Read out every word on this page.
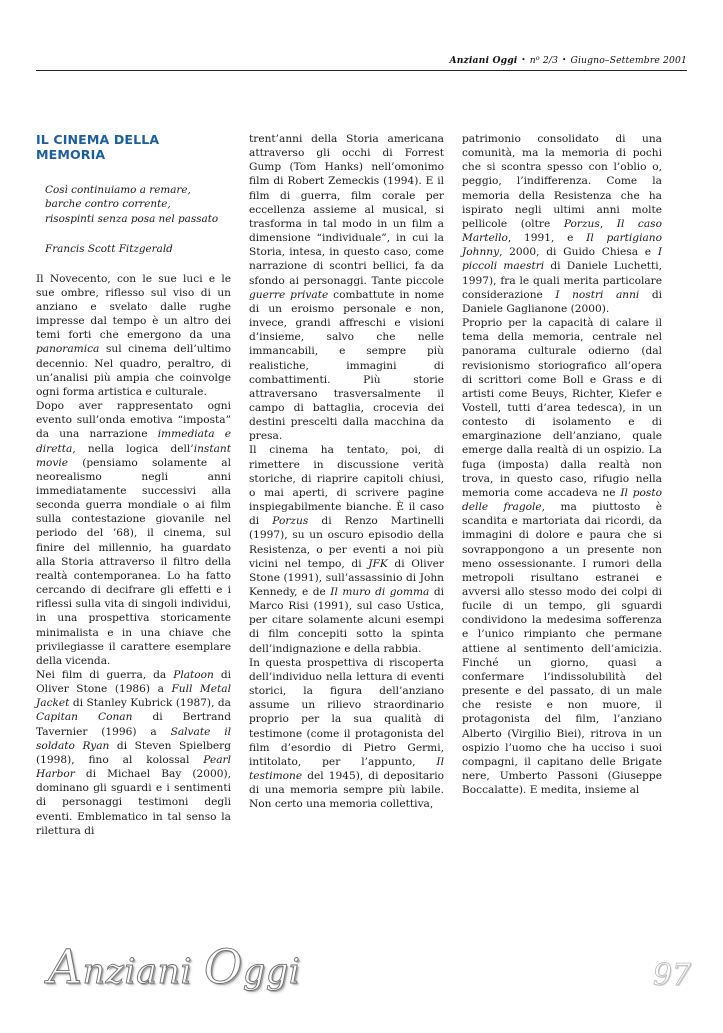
Anziani Oggi • $n^o$ 2/3 • Giugno–Settembre 2001
IL CINEMA DELLA MEMORIA
Così continuiamo a remare,
barche contro corrente,
risospinti senza posa nel passato
Francis Scott Fitzgerald

Il Novecento, con le sue luci e le sue ombre, riflesso sul viso di un anziano e svelato dalle rughe impresse dal tempo è un altro dei temi forti che emergono da una panoramica sul cinema dell’ultimo decennio. Nel quadro, peraltro, di un’analisi più ampia che coinvolge ogni forma artistica e culturale.

Dopo aver rappresentato ogni evento sull’onda emotiva “imposta” da una narrazione immediata e diretta, nella logica dell’instant movie (pensiamo solamente al neorealismo negli anni immediatamente successivi alla seconda guerra mondiale o ai film sulla contestazione giovanile nel periodo del ’68), il cinema, sul finire del millennio, ha guardato alla Storia attraverso il filtro della realtà contemporanea. Lo ha fatto cercando di decifrare gli effetti e i riflessi sulla vita di singoli individui, in una prospettiva storicamente minimalista e in una chiave che privilegiasse il carattere esemplare della vicenda.

Nei film di guerra, da Platoon di Oliver Stone (1986) a Full Metal Jacket di Stanley Kubrick (1987), da Capitan Conan di Bertrand Tavernier (1996) a Salvate il soldato Ryan di Steven Spielberg (1998), fino al kolossal Pearl Harbor di Michael Bay (2000), dominano gli sguardi e i sentimenti di personaggi testimoni degli eventi. Emblematico in tal senso la rilettura di

trent’anni della Storia americana attraverso gli occhi di Forrest Gump (Tom Hanks) nell’omonimo film di Robert Zemeckis (1994). E il film di guerra, film corale per eccellenza assieme al musical, si trasforma in tal modo in un film a dimensione “individuale”, in cui la Storia, intesa, in questo caso, come narrazione di scontri bellici, fa da sfondo ai personaggi. Tante piccole guerre private combattute in nome di un eroismo personale e non, invece, grandi affreschi e visioni d’insieme, salvo che nelle immancabili, e sempre più realistiche, immagini di combattimenti. Più storie attraversano trasversalmente il campo di battaglia, crocevia dei destini prescelti dalla macchina da presa.

Il cinema ha tentato, poi, di rimettere in discussione verità storiche, di riaprire capitoli chiusi, o mai aperti, di scrivere pagine inspiegabilmente bianche. È il caso di Porzus di Renzo Martinelli (1997), su un oscuro episodio della Resistenza, o per eventi a noi più vicini nel tempo, di JFK di Oliver Stone (1991), sull’assassinio di John Kennedy, e de Il muro di gomma di Marco Risi (1991), sul caso Ustica, per citare solamente alcuni esempi di film concepiti sotto la spinta dell’indignazione e della rabbia.

In questa prospettiva di riscoperta dell’individuo nella lettura di eventi storici, la figura dell’anziano assume un rilievo straordinario proprio per la sua qualità di testimone (come il protagonista del film d’esordio di Pietro Germi, intitolato, per l’appunto, Il testimone del 1945), di depositario di una memoria sempre più labile. Non certo una memoria collettiva,

patrimonio consolidato di una comunità, ma la memoria di pochi che si scontra spesso con l’oblio o, peggio, l’indifferenza. Come la memoria della Resistenza che ha ispirato negli ultimi anni molte pellicole (oltre Porzus, Il caso Martello, 1991, e Il partigiano Johnny, 2000, di Guido Chiesa e I piccoli maestri di Daniele Luchetti, 1997), fra le quali merita particolare considerazione I nostri anni di Daniele Gaglianone (2000).

Proprio per la capacità di calare il tema della memoria, centrale nel panorama culturale odierno (dal revisionismo storiografico all’opera di scrittori come Boll e Grass e di artisti come Beuys, Richter, Kiefer e Vostell, tutti d’area tedesca), in un contesto di isolamento e di emarginazione dell’anziano, quale emerge dalla realtà di un ospizio. La fuga (imposta) dalla realtà non trova, in questo caso, rifugio nella memoria come accadeva ne Il posto delle fragole, ma piuttosto è scandita e martoriata dai ricordi, da immagini di dolore e paura che si sovrappongono a un presente non meno ossessionante. I rumori della metropoli risultano estranei e avversi allo stesso modo dei colpi di fucile di un tempo, gli sguardi condividono la medesima sofferenza e l’unico rimpianto che permane attiene al sentimento dell’amicizia. Finché un giorno, quasi a confermare l’indissolubilità del presente e del passato, di un male che resiste e non muore, il protagonista del film, l’anziano Alberto (Virgilio Biei), ritrova in un ospizio l’uomo che ha ucciso i suoi compagni, il capitano delle Brigate nere, Umberto Passoni (Giuseppe Boccalatte). E medita, insieme al

Anziani Oggi	97
